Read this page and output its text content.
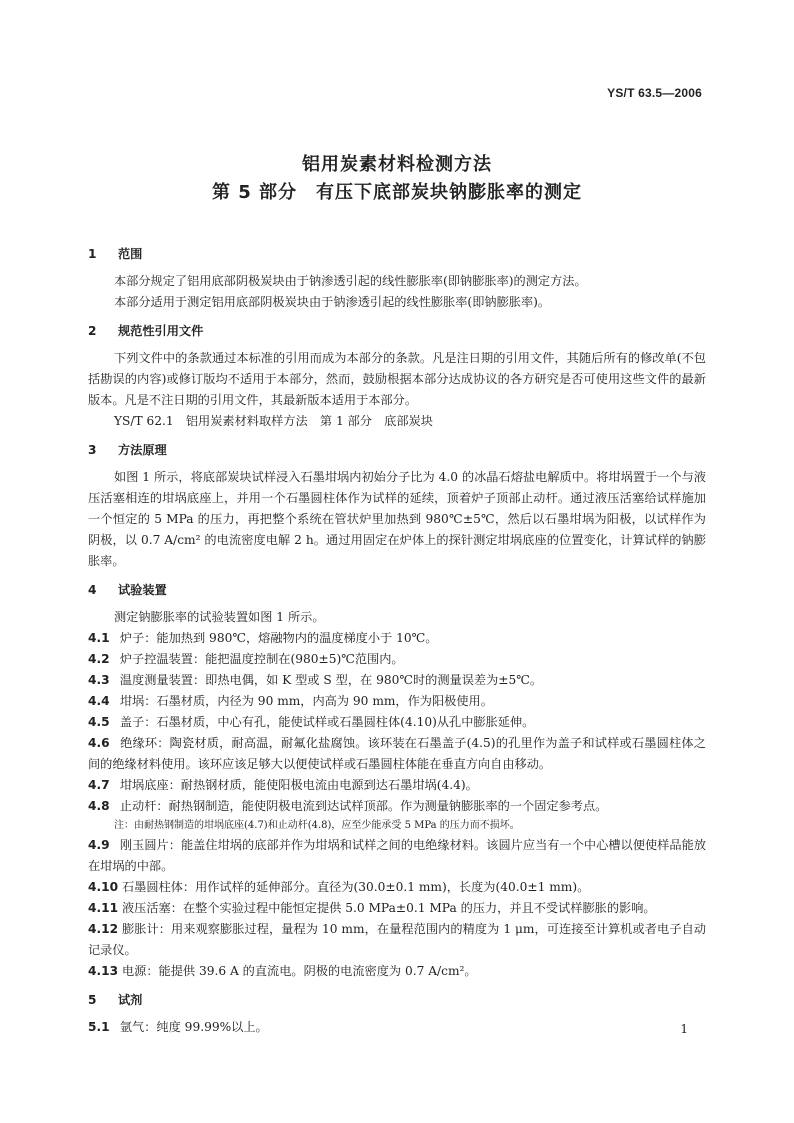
YS/T 63.5—2006
铝用炭素材料检测方法
第 5 部分　有压下底部炭块钠膨胀率的测定
1 范围
本部分规定了铝用底部阴极炭块由于钠渗透引起的线性膨胀率(即钠膨胀率)的测定方法。
本部分适用于测定铝用底部阴极炭块由于钠渗透引起的线性膨胀率(即钠膨胀率)。
2 规范性引用文件
下列文件中的条款通过本标准的引用而成为本部分的条款。凡是注日期的引用文件，其随后所有的修改单(不包括勘误的内容)或修订版均不适用于本部分，然而，鼓励根据本部分达成协议的各方研究是否可使用这些文件的最新版本。凡是不注日期的引用文件，其最新版本适用于本部分。
YS/T 62.1　铝用炭素材料取样方法　第 1 部分　底部炭块
3 方法原理
如图 1 所示，将底部炭块试样浸入石墨坩埚内初始分子比为 4.0 的冰晶石熔盐电解质中。将坩埚置于一个与液压活塞相连的坩埚底座上，并用一个石墨圆柱体作为试样的延续，顶着炉子顶部止动杆。通过液压活塞给试样施加一个恒定的 5 MPa 的压力，再把整个系统在管状炉里加热到 980℃±5℃，然后以石墨坩埚为阳极，以试样作为阴极，以 0.7 A/cm² 的电流密度电解 2 h。通过用固定在炉体上的探针测定坩埚底座的位置变化，计算试样的钠膨胀率。
4 试验装置
测定钠膨胀率的试验装置如图 1 所示。
4.1 炉子：能加热到 980℃，熔融物内的温度梯度小于 10℃。
4.2 炉子控温装置：能把温度控制在(980±5)℃范围内。
4.3 温度测量装置：即热电偶，如 K 型或 S 型，在 980℃时的测量误差为±5℃。
4.4 坩埚：石墨材质，内径为 90 mm，内高为 90 mm，作为阳极使用。
4.5 盖子：石墨材质，中心有孔，能使试样或石墨圆柱体(4.10)从孔中膨胀延伸。
4.6 绝缘环：陶瓷材质，耐高温，耐氟化盐腐蚀。该环装在石墨盖子(4.5)的孔里作为盖子和试样或石墨圆柱体之间的绝缘材料使用。该环应该足够大以便使试样或石墨圆柱体能在垂直方向自由移动。
4.7 坩埚底座：耐热钢材质，能使阳极电流由电源到达石墨坩埚(4.4)。
4.8 止动杆：耐热钢制造，能使阴极电流到达试样顶部。作为测量钠膨胀率的一个固定参考点。
注：由耐热钢制造的坩埚底座(4.7)和止动杆(4.8)，应至少能承受 5 MPa 的压力而不损坏。
4.9 刚玉圆片：能盖住坩埚的底部并作为坩埚和试样之间的电绝缘材料。该圆片应当有一个中心槽以便使样品能放在坩埚的中部。
4.10 石墨圆柱体：用作试样的延伸部分。直径为(30.0±0.1 mm)，长度为(40.0±1 mm)。
4.11 液压活塞：在整个实验过程中能恒定提供 5.0 MPa±0.1 MPa 的压力，并且不受试样膨胀的影响。
4.12 膨胀计：用来观察膨胀过程，量程为 10 mm，在量程范围内的精度为 1 μm，可连接至计算机或者电子自动记录仪。
4.13 电源：能提供 39.6 A 的直流电。阴极的电流密度为 0.7 A/cm²。
5 试剂
5.1 氩气：纯度 99.99%以上。	1
